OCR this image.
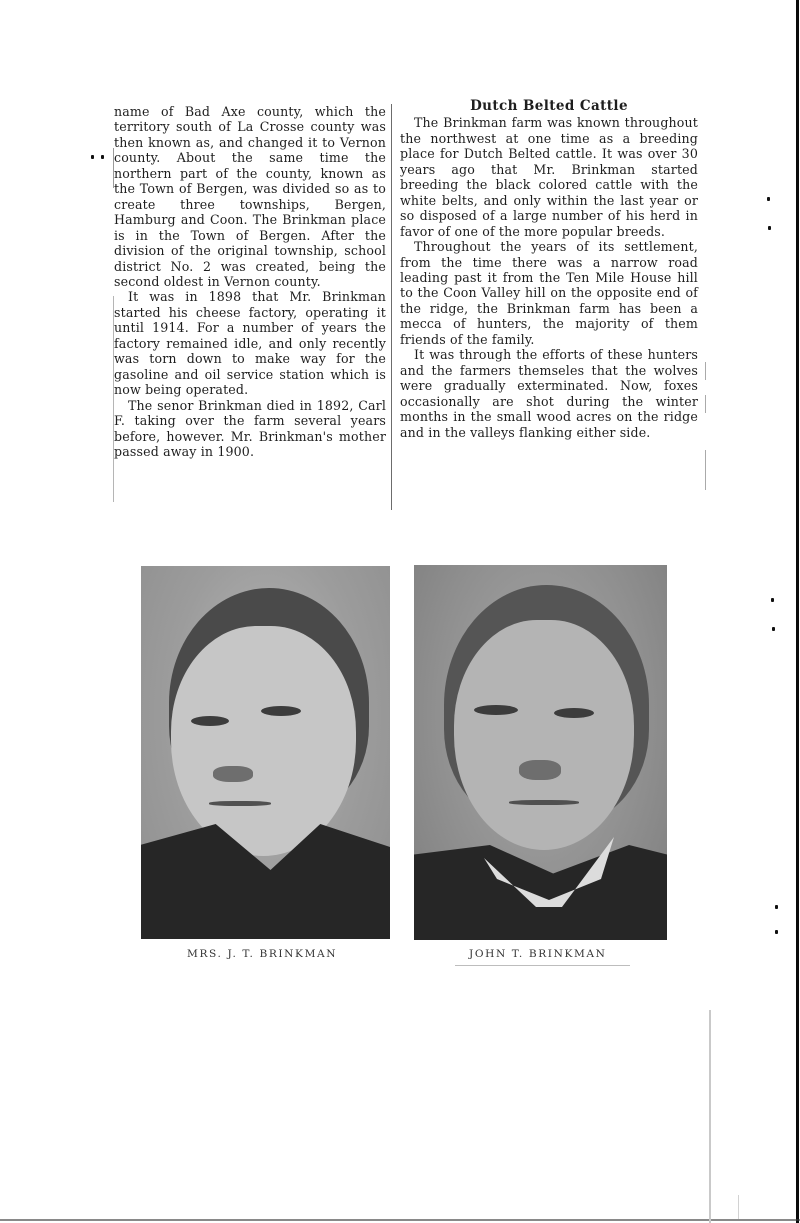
name of Bad Axe county, which the territory south of La Crosse county was then known as, and changed it to Vernon county. About the same time the northern part of the county, known as the Town of Bergen, was divided so as to create three townships, Bergen, Hamburg and Coon. The Brinkman place is in the Town of Bergen. After the division of the original township, school district No. 2 was created, being the second oldest in Vernon county.

It was in 1898 that Mr. Brinkman started his cheese factory, operating it until 1914. For a number of years the factory remained idle, and only recently was torn down to make way for the gasoline and oil service station which is now being operated.

The senor Brinkman died in 1892, Carl F. taking over the farm several years before, however. Mr. Brinkman's mother passed away in 1900.

Dutch Belted Cattle

The Brinkman farm was known throughout the northwest at one time as a breeding place for Dutch Belted cattle. It was over 30 years ago that Mr. Brinkman started breeding the black colored cattle with the white belts, and only within the last year or so disposed of a large number of his herd in favor of one of the more popular breeds.

Throughout the years of its settlement, from the time there was a narrow road leading past it from the Ten Mile House hill to the Coon Valley hill on the opposite end of the ridge, the Brinkman farm has been a mecca of hunters, the majority of them friends of the family.

It was through the efforts of these hunters and the farmers themseles that the wolves were gradually exterminated. Now, foxes occasionally are shot during the winter months in the small wood acres on the ridge and in the valleys flanking either side.

MRS. J. T. BRINKMAN	JOHN T. BRINKMAN
